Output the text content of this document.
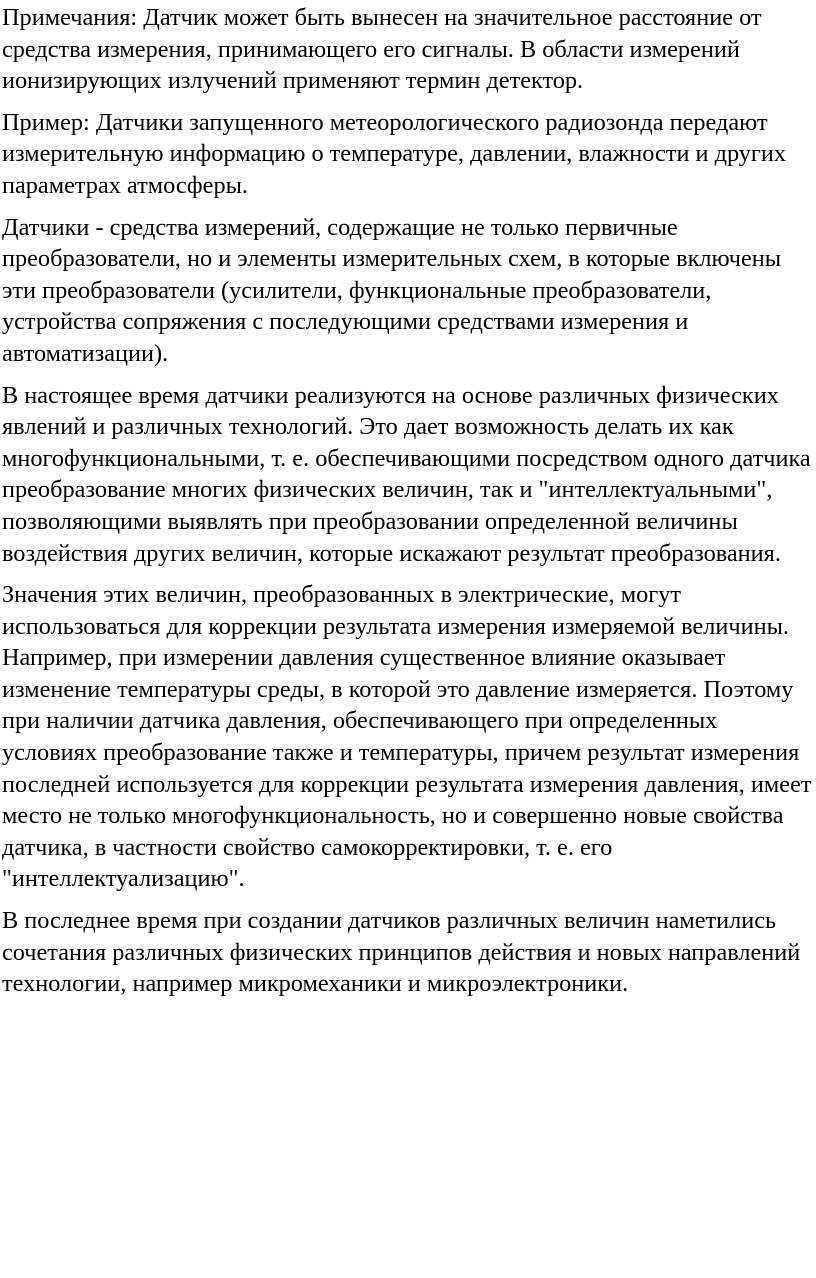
Примечания: Датчик может быть вынесен на значительное расстояние от средства измерения, принимающего его сигналы. В области измерений ионизирующих излучений применяют термин детектор.

Пример: Датчики запущенного метеорологического радиозонда передают измерительную информацию о температуре, давлении, влажности и других параметрах атмосферы.

Датчики - средства измерений, содержащие не только первичные преобразователи, но и элементы измерительных схем, в которые включены эти преобразователи (усилители, функциональные преобразователи, устройства сопряжения с последующими средствами измерения и автоматизации).

В настоящее время датчики реализуются на основе различных физических явлений и различных технологий. Это дает возможность делать их как многофункциональными, т. е. обеспечивающими посредством одного датчика преобразование многих физических величин, так и "интеллектуальными", позволяющими выявлять при преобразовании определенной величины воздействия других величин, которые искажают результат преобразования.

Значения этих величин, преобразованных в электрические, могут использоваться для коррекции результата измерения измеряемой величины. Например, при измерении давления существенное влияние оказывает изменение температуры среды, в которой это давление измеряется. Поэтому при наличии датчика давления, обеспечивающего при определенных условиях преобразование также и температуры, причем результат измерения последней используется для коррекции результата измерения давления, имеет место не только многофункциональность, но и совершенно новые свойства датчика, в частности свойство самокорректировки, т. е. его "интеллектуализацию".

В последнее время при создании датчиков различных величин наметились сочетания различных физических принципов действия и новых направлений технологии, например микромеханики и микроэлектроники.
